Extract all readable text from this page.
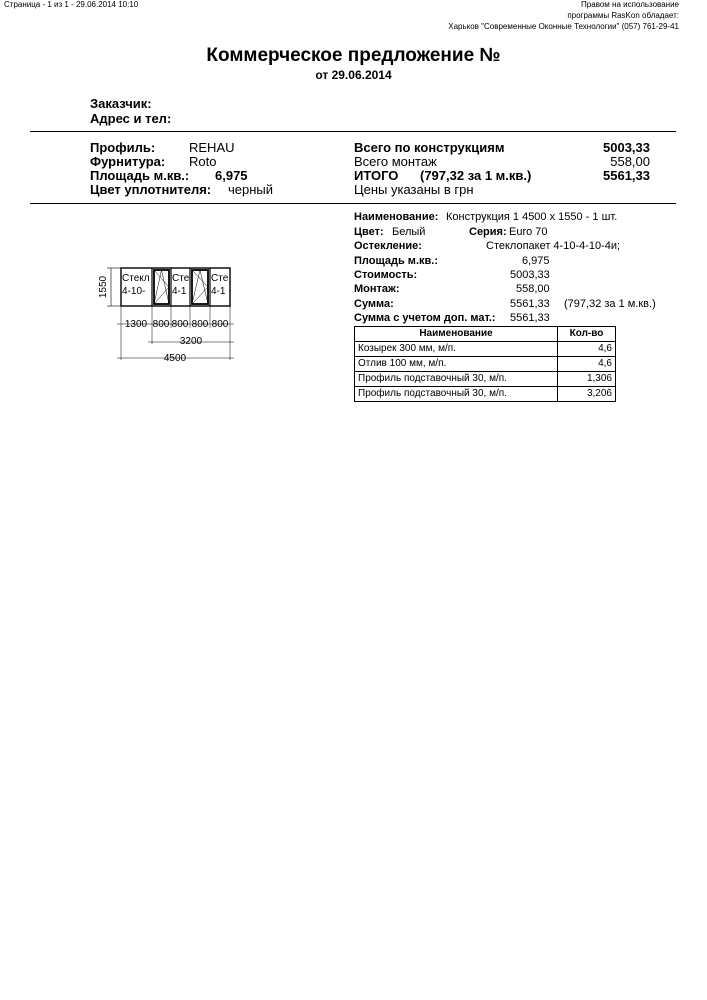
Страница - 1 из 1 - 29.06.2014 10:10	Правом на использование
программы RasKon обладает:
Харьков "Современные Оконные Технологии" (057) 761-29-41
Коммерческое предложение №
от 29.06.2014
Заказчик:
Адрес и тел:
Профиль:	REHAU
Фурнитура: Roto
Площадь м.кв.: 6,975
Цвет уплотнителя: черный
Всего по конструкциям	5003,33
Всего монтаж	558,00
ИТОГО (797,32 за 1 м.кв.)	5561,33
Цены указаны в грн
Наименование: Конструкция 1 4500 x 1550 - 1 шт.
Цвет: Белый	Серия: Euro 70
Остекление:	Стеклопакет 4-10-4-10-4и;
Площадь м.кв.:	6,975
Стоимость:	5003,33
Монтаж:	558,00
Сумма:	5561,33 (797,32 за 1 м.кв.)
Сумма с учетом доп. мат.: 5561,33
Наименование	Кол-во
Козырек 300 мм, м/п.	4,6
Отлив 100 мм, м/п.	4,6
Профиль подставочный 30, м/п.	1,306
Профиль подставочный 30, м/п.	3,206
1550 Стекл
4-10-
Сте
4-1
Сте
4-1
1300 800 800 800 800
3200
4500
